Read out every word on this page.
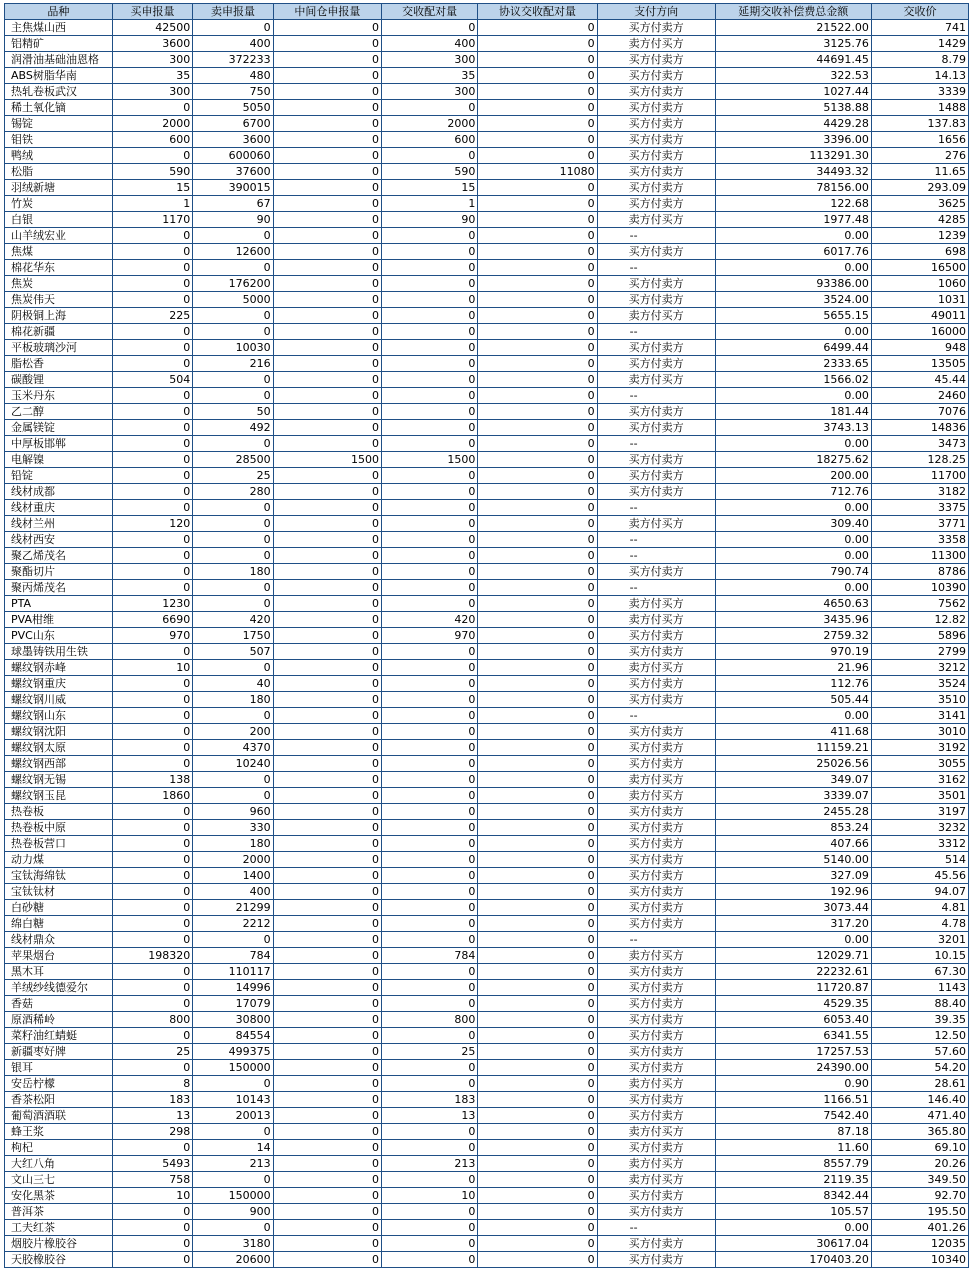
品种	买申报量	卖申报量	中间仓申报量	交收配对量	协议交收配对量	支付方向	延期交收补偿费总金额	交收价
主焦煤山西	42500	0	0	0	0	买方付卖方	21522.00	741
铝精矿	3600	400	0	400	0	卖方付买方	3125.76	1429
润滑油基础油恩格	300	372233	0	300	0	买方付卖方	44691.45	8.79
ABS树脂华南	35	480	0	35	0	买方付卖方	322.53	14.13
热轧卷板武汉	300	750	0	300	0	买方付卖方	1027.44	3339
稀土氧化镝	0	5050	0	0	0	买方付卖方	5138.88	1488
锡锭	2000	6700	0	2000	0	买方付卖方	4429.28	137.83
钼铁	600	3600	0	600	0	买方付卖方	3396.00	1656
鸭绒	0	600060	0	0	0	买方付卖方	113291.30	276
松脂	590	37600	0	590	11080	买方付卖方	34493.32	11.65
羽绒新塘	15	390015	0	15	0	买方付卖方	78156.00	293.09
竹炭	1	67	0	1	0	买方付卖方	122.68	3625
白银	1170	90	0	90	0	卖方付买方	1977.48	4285
山羊绒宏业	0	0	0	0	0	--	0.00	1239
焦煤	0	12600	0	0	0	买方付卖方	6017.76	698
棉花华东	0	0	0	0	0	--	0.00	16500
焦炭	0	176200	0	0	0	买方付卖方	93386.00	1060
焦炭伟天	0	5000	0	0	0	买方付卖方	3524.00	1031
阴极铜上海	225	0	0	0	0	卖方付买方	5655.15	49011
棉花新疆	0	0	0	0	0	--	0.00	16000
平板玻璃沙河	0	10030	0	0	0	买方付卖方	6499.44	948
脂松香	0	216	0	0	0	买方付卖方	2333.65	13505
碳酸锂	504	0	0	0	0	卖方付买方	1566.02	45.44
玉米丹东	0	0	0	0	0	--	0.00	2460
乙二醇	0	50	0	0	0	买方付卖方	181.44	7076
金属镁锭	0	492	0	0	0	买方付卖方	3743.13	14836
中厚板邯郸	0	0	0	0	0	--	0.00	3473
电解镍	0	28500	1500	1500	0	买方付卖方	18275.62	128.25
铅锭	0	25	0	0	0	买方付卖方	200.00	11700
线材成都	0	280	0	0	0	买方付卖方	712.76	3182
线材重庆	0	0	0	0	0	--	0.00	3375
线材兰州	120	0	0	0	0	卖方付买方	309.40	3771
线材西安	0	0	0	0	0	--	0.00	3358
聚乙烯茂名	0	0	0	0	0	--	0.00	11300
聚酯切片	0	180	0	0	0	买方付卖方	790.74	8786
聚丙烯茂名	0	0	0	0	0	--	0.00	10390
PTA	1230	0	0	0	0	卖方付买方	4650.63	7562
PVA柑维	6690	420	0	420	0	卖方付买方	3435.96	12.82
PVC山东	970	1750	0	970	0	买方付卖方	2759.32	5896
球墨铸铁用生铁	0	507	0	0	0	买方付卖方	970.19	2799
螺纹钢赤峰	10	0	0	0	0	卖方付买方	21.96	3212
螺纹钢重庆	0	40	0	0	0	买方付卖方	112.76	3524
螺纹钢川威	0	180	0	0	0	买方付卖方	505.44	3510
螺纹钢山东	0	0	0	0	0	--	0.00	3141
螺纹钢沈阳	0	200	0	0	0	买方付卖方	411.68	3010
螺纹钢太原	0	4370	0	0	0	买方付卖方	11159.21	3192
螺纹钢西部	0	10240	0	0	0	买方付卖方	25026.56	3055
螺纹钢无锡	138	0	0	0	0	卖方付买方	349.07	3162
螺纹钢玉昆	1860	0	0	0	0	卖方付买方	3339.07	3501
热卷板	0	960	0	0	0	买方付卖方	2455.28	3197
热卷板中原	0	330	0	0	0	买方付卖方	853.24	3232
热卷板营口	0	180	0	0	0	买方付卖方	407.66	3312
动力煤	0	2000	0	0	0	买方付卖方	5140.00	514
宝钛海绵钛	0	1400	0	0	0	买方付卖方	327.09	45.56
宝钛钛材	0	400	0	0	0	买方付卖方	192.96	94.07
白砂糖	0	21299	0	0	0	买方付卖方	3073.44	4.81
绵白糖	0	2212	0	0	0	买方付卖方	317.20	4.78
线材鼎众	0	0	0	0	0	--	0.00	3201
苹果烟台	198320	784	0	784	0	卖方付买方	12029.71	10.15
黑木耳	0	110117	0	0	0	买方付卖方	22232.61	67.30
羊绒纱线德爱尔	0	14996	0	0	0	买方付卖方	11720.87	1143
香菇	0	17079	0	0	0	买方付卖方	4529.35	88.40
原酒稀岭	800	30800	0	800	0	买方付卖方	6053.40	39.35
菜籽油红蜻蜓	0	84554	0	0	0	买方付卖方	6341.55	12.50
新疆枣好牌	25	499375	0	25	0	买方付卖方	17257.53	57.60
银耳	0	150000	0	0	0	买方付卖方	24390.00	54.20
安岳柠檬	8	0	0	0	0	卖方付买方	0.90	28.61
香茶松阳	183	10143	0	183	0	买方付卖方	1166.51	146.40
葡萄酒酒联	13	20013	0	13	0	买方付卖方	7542.40	471.40
蜂王浆	298	0	0	0	0	卖方付买方	87.18	365.80
枸杞	0	14	0	0	0	买方付卖方	11.60	69.10
大红八角	5493	213	0	213	0	卖方付买方	8557.79	20.26
文山三七	758	0	0	0	0	卖方付买方	2119.35	349.50
安化黑茶	10	150000	0	10	0	买方付卖方	8342.44	92.70
普洱茶	0	900	0	0	0	买方付卖方	105.57	195.50
工夫红茶	0	0	0	0	0	--	0.00	401.26
烟胶片橡胶谷	0	3180	0	0	0	买方付卖方	30617.04	12035
天胶橡胶谷	0	20600	0	0	0	买方付卖方	170403.20	10340
